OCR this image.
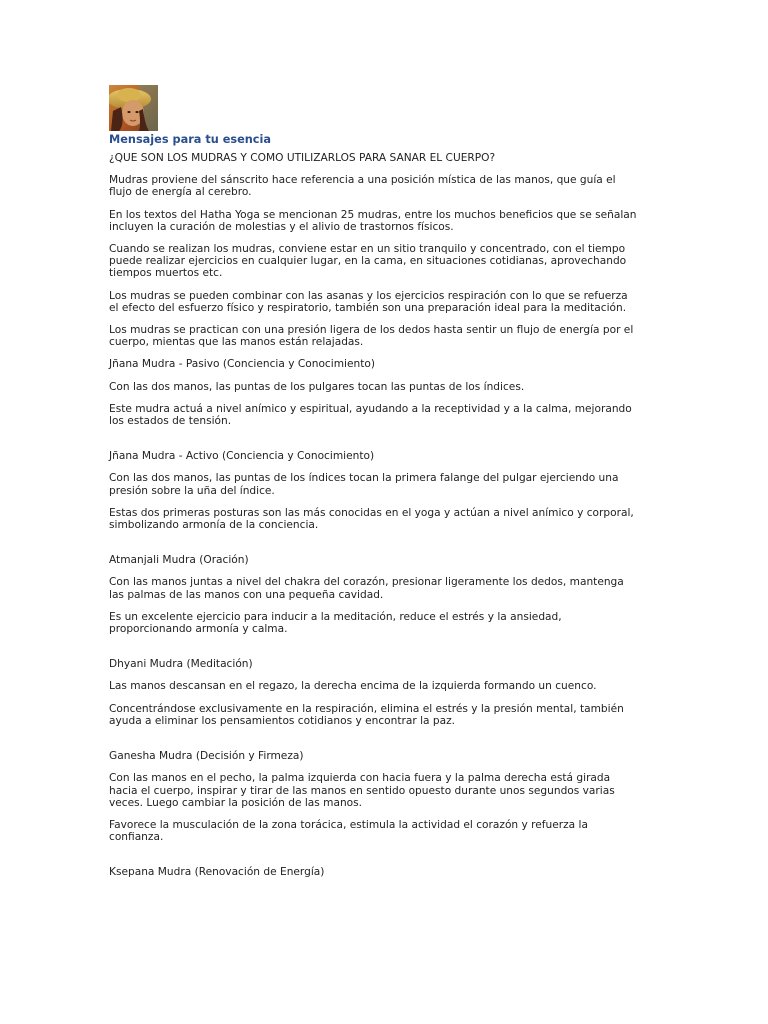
Mensajes para tu esencia
¿QUE SON LOS MUDRAS Y COMO UTILIZARLOS PARA SANAR EL CUERPO?
Mudras proviene del sánscrito hace referencia a una posición mística de las manos, que guía el
flujo de energía al cerebro.
En los textos del Hatha Yoga se mencionan 25 mudras, entre los muchos beneficios que se señalan
incluyen la curación de molestias y el alivio de trastornos físicos.
Cuando se realizan los mudras, conviene estar en un sitio tranquilo y concentrado, con el tiempo
puede realizar ejercicios en cualquier lugar, en la cama, en situaciones cotidianas, aprovechando
tiempos muertos etc.
Los mudras se pueden combinar con las asanas y los ejercicios respiración con lo que se refuerza
el efecto del esfuerzo físico y respiratorio, también son una preparación ideal para la meditación.
Los mudras se practican con una presión ligera de los dedos hasta sentir un flujo de energía por el
cuerpo, mientas que las manos están relajadas.
Jñana Mudra - Pasivo (Conciencia y Conocimiento)
Con las dos manos, las puntas de los pulgares tocan las puntas de los índices.
Este mudra actuá a nivel anímico y espiritual, ayudando a la receptividad y a la calma, mejorando
los estados de tensión.
Jñana Mudra - Activo (Conciencia y Conocimiento)
Con las dos manos, las puntas de los índices tocan la primera falange del pulgar ejerciendo una
presión sobre la uña del índice.
Estas dos primeras posturas son las más conocidas en el yoga y actúan a nivel anímico y corporal,
simbolizando armonía de la conciencia.
Atmanjali Mudra (Oración)
Con las manos juntas a nivel del chakra del corazón, presionar ligeramente los dedos, mantenga
las palmas de las manos con una pequeña cavidad.
Es un excelente ejercicio para inducir a la meditación, reduce el estrés y la ansiedad,
proporcionando armonía y calma.
Dhyani Mudra (Meditación)
Las manos descansan en el regazo, la derecha encima de la izquierda formando un cuenco.
Concentrándose exclusivamente en la respiración, elimina el estrés y la presión mental, también
ayuda a eliminar los pensamientos cotidianos y encontrar la paz.
Ganesha Mudra (Decisión y Firmeza)
Con las manos en el pecho, la palma izquierda con hacia fuera y la palma derecha está girada
hacia el cuerpo, inspirar y tirar de las manos en sentido opuesto durante unos segundos varias
veces. Luego cambiar la posición de las manos.
Favorece la musculación de la zona torácica, estimula la actividad el corazón y refuerza la
confianza.
Ksepana Mudra (Renovación de Energía)
